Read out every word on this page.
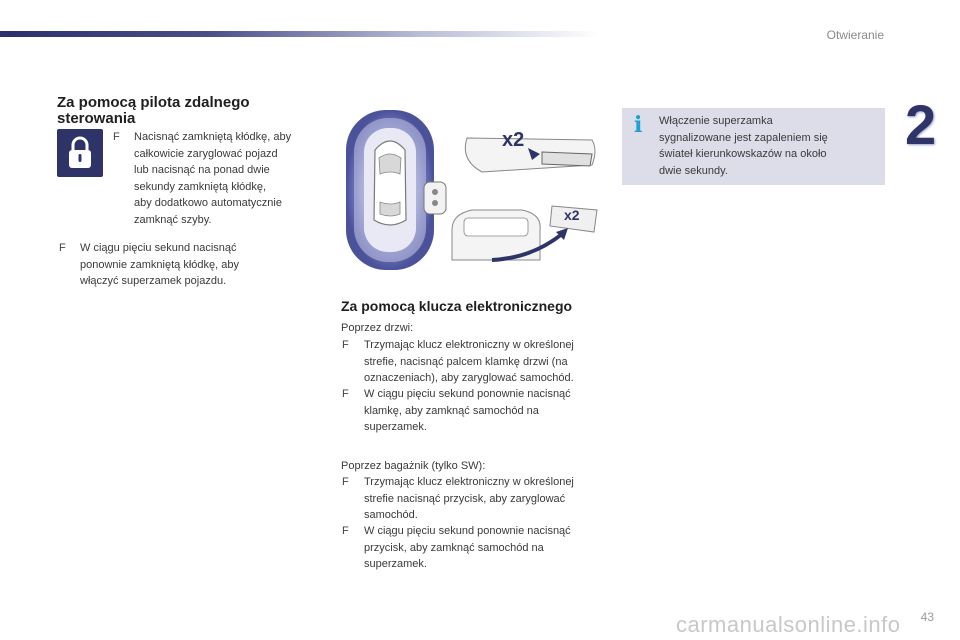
Otwieranie
2
Za pomocą pilota zdalnego
sterowania
F Nacisnąć zamkniętą kłódkę, aby
całkowicie zaryglować pojazd
lub nacisnąć na ponad dwie
sekundy zamkniętą kłódkę,
aby dodatkowo automatycznie
zamknąć szyby.
F W ciągu pięciu sekund nacisnąć
ponownie zamkniętą kłódkę, aby
włączyć superzamek pojazdu.
x2
x2
Za pomocą klucza elektronicznego
Poprzez drzwi:
F Trzymając klucz elektroniczny w określonej
strefie, nacisnąć palcem klamkę drzwi (na
oznaczeniach), aby zaryglować samochód.
F W ciągu pięciu sekund ponownie nacisnąć
klamkę, aby zamknąć samochód na
superzamek.
Poprzez bagażnik (tylko SW):
F Trzymając klucz elektroniczny w określonej
strefie nacisnąć przycisk, aby zaryglować
samochód.
F W ciągu pięciu sekund ponownie nacisnąć
przycisk, aby zamknąć samochód na
superzamek.
i Włączenie superzamka
sygnalizowane jest zapaleniem się
świateł kierunkowskazów na około
dwie sekundy.
carmanualsonline.info 43
